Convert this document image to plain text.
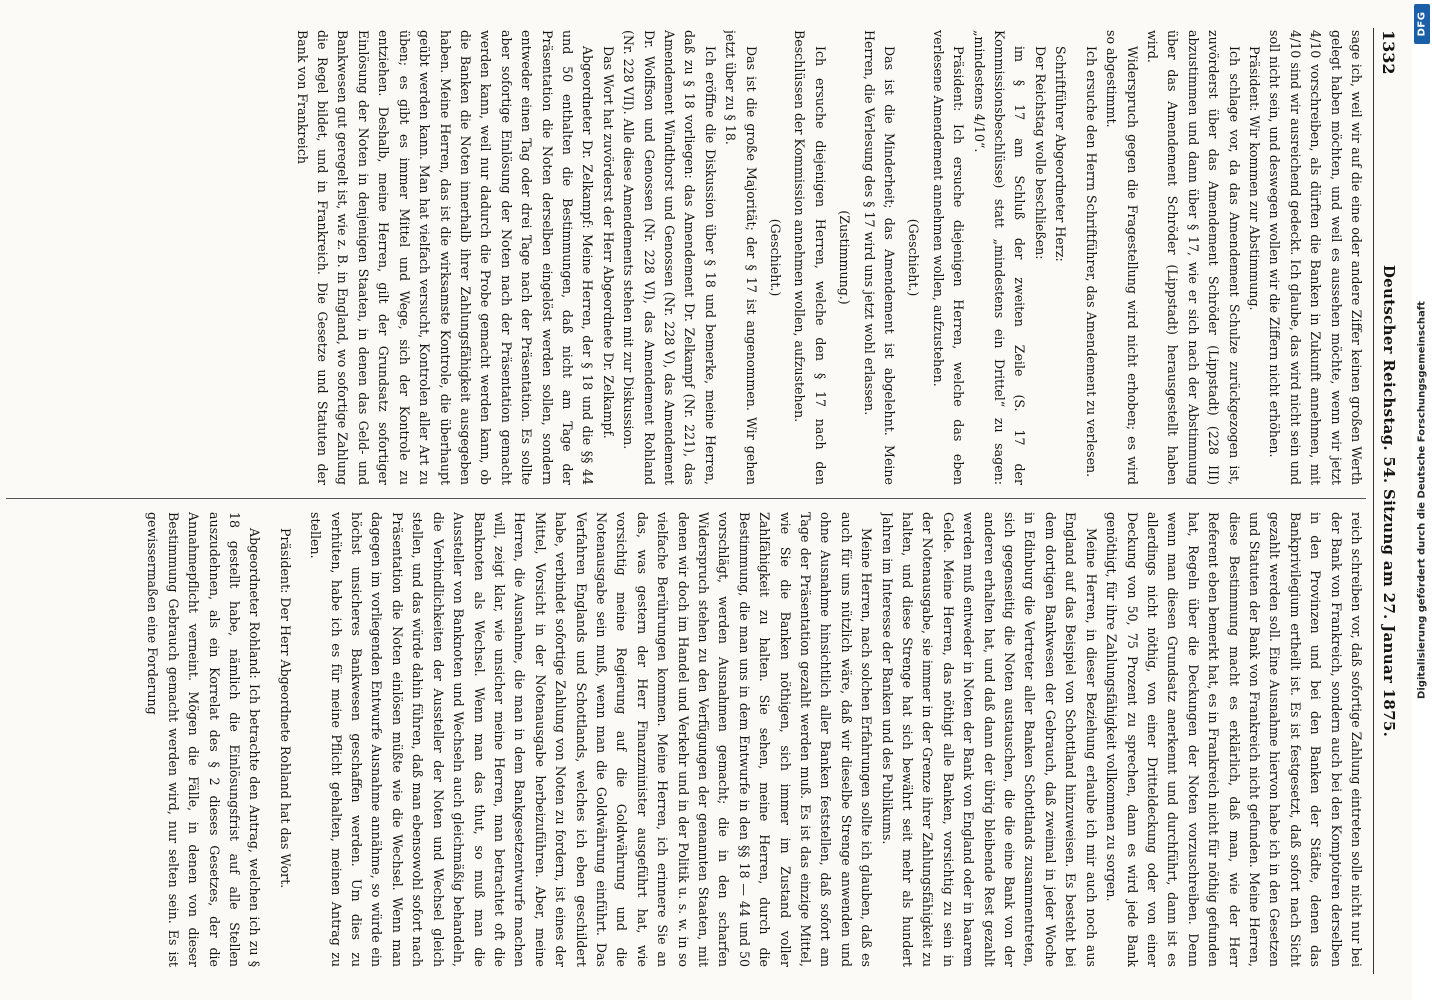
1332
Deutscher Reichstag. 54. Sitzung am 27. Januar 1875.

sage ich, weil wir auf die eine oder andere Ziffer keinen großen Werth gelegt haben möchten, und weil es aussehen möchte, wenn wir jetzt 4/10 vorschreiben, als dürften die Banken in Zukunft annehmen, mit 4/10 sind wir ausreichend gedeckt. Ich glaube, das wird nicht sein und soll nicht sein, und deswegen wollen wir die Ziffern nicht erhöhen.

Präsident: Wir kommen zur Abstimmung.

Ich schlage vor, da das Amendement Schulze zurückgezogen ist, zuvörderst über das Amendement Schröder (Lippstadt) (228 III) abzustimmen und dann über § 17, wie er sich nach der Abstimmung über das Amendement Schröder (Lippstadt) herausgestellt haben wird.

Widerspruch gegen die Fragestellung wird nicht erhoben; es wird so abgestimmt.

Ich ersuche den Herrn Schriftführer, das Amendement zu verlesen.

Schriftführer Abgeordneter Herz:

Der Reichstag wolle beschließen:

im § 17 am Schluß der zweiten Zeile (S. 17 der Kommissionsbeschlüsse) statt „mindestens ein Drittel“ zu sagen: „mindestens 4/10“.

Präsident: Ich ersuche diejenigen Herren, welche das eben verlesene Amendement annehmen wollen, aufzustehen.

(Geschieht.)

Das ist die Minderheit; das Amendement ist abgelehnt. Meine Herren, die Verlesung des § 17 wird uns jetzt wohl erlassen.

(Zustimmung.)

Ich ersuche diejenigen Herren, welche den § 17 nach den Beschlüssen der Kommission annehmen wollen, aufzustehen.

(Geschieht.)

Das ist die große Majorität; der § 17 ist angenommen. Wir gehen jetzt über zu § 18.

Ich eröffne die Diskussion über § 18 und bemerke, meine Herren, daß zu § 18 vorliegen: das Amendement Dr. Zelkampf (Nr. 221), das Amendement Windthorst und Genossen (Nr. 228 V), das Amendement Dr. Wolffson und Genossen (Nr. 228 VI), das Amendement Rohland (Nr. 228 VII). Alle diese Amendements stehen mit zur Diskussion.

Das Wort hat zuvörderst der Herr Abgeordnete Dr. Zelkampf.

Abgeordneter Dr. Zelkampf: Meine Herren, der § 18 und die §§ 44 und 50 enthalten die Bestimmungen, daß nicht am Tage der Präsentation die Noten derselben eingelöst werden sollen, sondern entweder einen Tag oder drei Tage nach der Präsentation. Es sollte aber sofortige Einlösung der Noten nach der Präsentation gemacht werden kann, weil nur dadurch die Probe gemacht werden kann, ob die Banken die Noten innerhalb ihrer Zahlungsfähigkeit ausgegeben haben. Meine Herren, das ist die wirksamste Kontrole, die überhaupt geübt werden kann. Man hat vielfach versucht, Kontrolen aller Art zu üben; es gibt es immer Mittel und Wege, sich der Kontrole zu entziehen. Deshalb, meine Herren, gilt der Grundsatz sofortiger Einlösung der Noten in denjenigen Staaten, in denen das Geld- und Bankwesen gut geregelt ist, wie z. B. in England, wo sofortige Zahlung die Regel bildet, und in Frankreich. Die Gesetze und Statuten der Bank von Frankreich

reich schreiben vor, daß sofortige Zahlung eintreten solle nicht nur bei der Bank von Frankreich, sondern auch bei den Komptoiren derselben in den Provinzen und bei den Banken der Städte, denen das Bankprivilegium ertheilt ist. Es ist festgesetzt, daß sofort nach Sicht gezahlt werden soll. Eine Ausnahme hiervon habe ich in den Gesetzen und Statuten der Bank von Frankreich nicht gefunden. Meine Herren, diese Bestimmung macht es erklärlich, daß man, wie der Herr Referent eben bemerkt hat, es in Frankreich nicht für nöthig gefunden hat, Regeln über die Deckungen der Noten vorzuschreiben. Denn wenn man diesen Grundsatz anerkennt und durchführt, dann ist es allerdings nicht nöthig, von einer Dritteldeckung oder von einer Deckung von 50, 75 Prozent zu sprechen, dann es wird jede Bank genöthigt, für ihre Zahlungsfähigkeit vollkommen zu sorgen.

Meine Herren, in dieser Beziehung erlaube ich mir auch noch aus England auf das Beispiel von Schottland hinzuweisen. Es besteht bei dem dortigen Bankwesen der Gebrauch, daß zweimal in jeder Woche in Edinburg die Vertreter aller Banken Schottlands zusammentreten, sich gegenseitig die Noten austauschen, die die eine Bank von der anderen erhalten hat, und daß dann der übrig bleibende Rest gezahlt werden muß entweder in Noten der Bank von England oder in baarem Gelde. Meine Herren, das nöthigt alle Banken, vorsichtig zu sein in der Notenausgabe, sie immer in der Grenze ihrer Zahlungsfähigkeit zu halten, und diese Strenge hat sich bewährt seit mehr als hundert Jahren im Interesse der Banken und des Publikums.

Meine Herren, nach solchen Erfahrungen sollte ich glauben, daß es auch für uns nützlich wäre, daß wir dieselbe Strenge anwenden und ohne Ausnahme hinsichtlich aller Banken feststellen, daß sofort am Tage der Präsentation gezahlt werden muß. Es ist das einzige Mittel, wie Sie die Banken nöthigen, sich immer im Zustand voller Zahlfähigkeit zu halten. Sie sehen, meine Herren, durch die Bestimmung, die man uns in dem Entwurfe in den §§ 18 — 44 und 50 vorschlägt, werden Ausnahmen gemacht; die in den scharfen Widerspruch stehen zu den Verfügungen der genannten Staaten, mit denen wir doch im Handel und Verkehr und in der Politik u. s. w. in so vielfache Berührungen kommen. Meine Herren, ich erinnere Sie an das, was gestern der Herr Finanzminister ausgeführt hat, wie vorsichtig meine Regierung auf die Goldwährung und die Notenausgabe sein muß, wenn man die Goldwährung einführt. Das Verfahren Englands und Schottlands, welches ich eben geschildert habe, verbindet sofortige Zahlung von Noten zu fordern, ist eines der Mittel, Vorsicht in der Notenausgabe herbeizuführen. Aber, meine Herren, die Ausnahme, die man in dem Bankgesetzentwurfe machen will, zeigt klar, wie unsicher meine Herren, man betrachtet oft die Banknoten als Wechsel. Wenn man das thut, so muß man die Aussteller von Banknoten und Wechseln auch gleichmäßig behandeln, die Verbindlichkeiten der Aussteller der Noten und Wechsel gleich stellen, und das würde dahin führen, daß man ebensowohl sofort nach Präsentation die Noten einlösen müßte wie die Wechsel. Wenn man dagegen im vorliegenden Entwurfe Ausnahme annähme, so würde ein höchst unsicheres Bankwesen geschaffen werden. Um dies zu verhüten, habe ich es für meine Pflicht gehalten, meinen Antrag zu stellen.

Präsident: Der Herr Abgeordnete Rohland hat das Wort.

Abgeordneter Rohland: Ich betrachte den Antrag, welchen ich zu § 18 gestellt habe, nämlich die Einlösungsfrist auf alle Stellen auszudehnen, als ein Korrelat des § 2 dieses Gesetzes, der die Annahmepflicht verneint. Mögen die Fälle, in denen von dieser Bestimmung Gebrauch gemacht werden wird, nur selten sein. Es ist gewissermaßen eine Forderung

DFG
Digitalisierung gefördert durch die Deutsche Forschungsgemeinschaft
